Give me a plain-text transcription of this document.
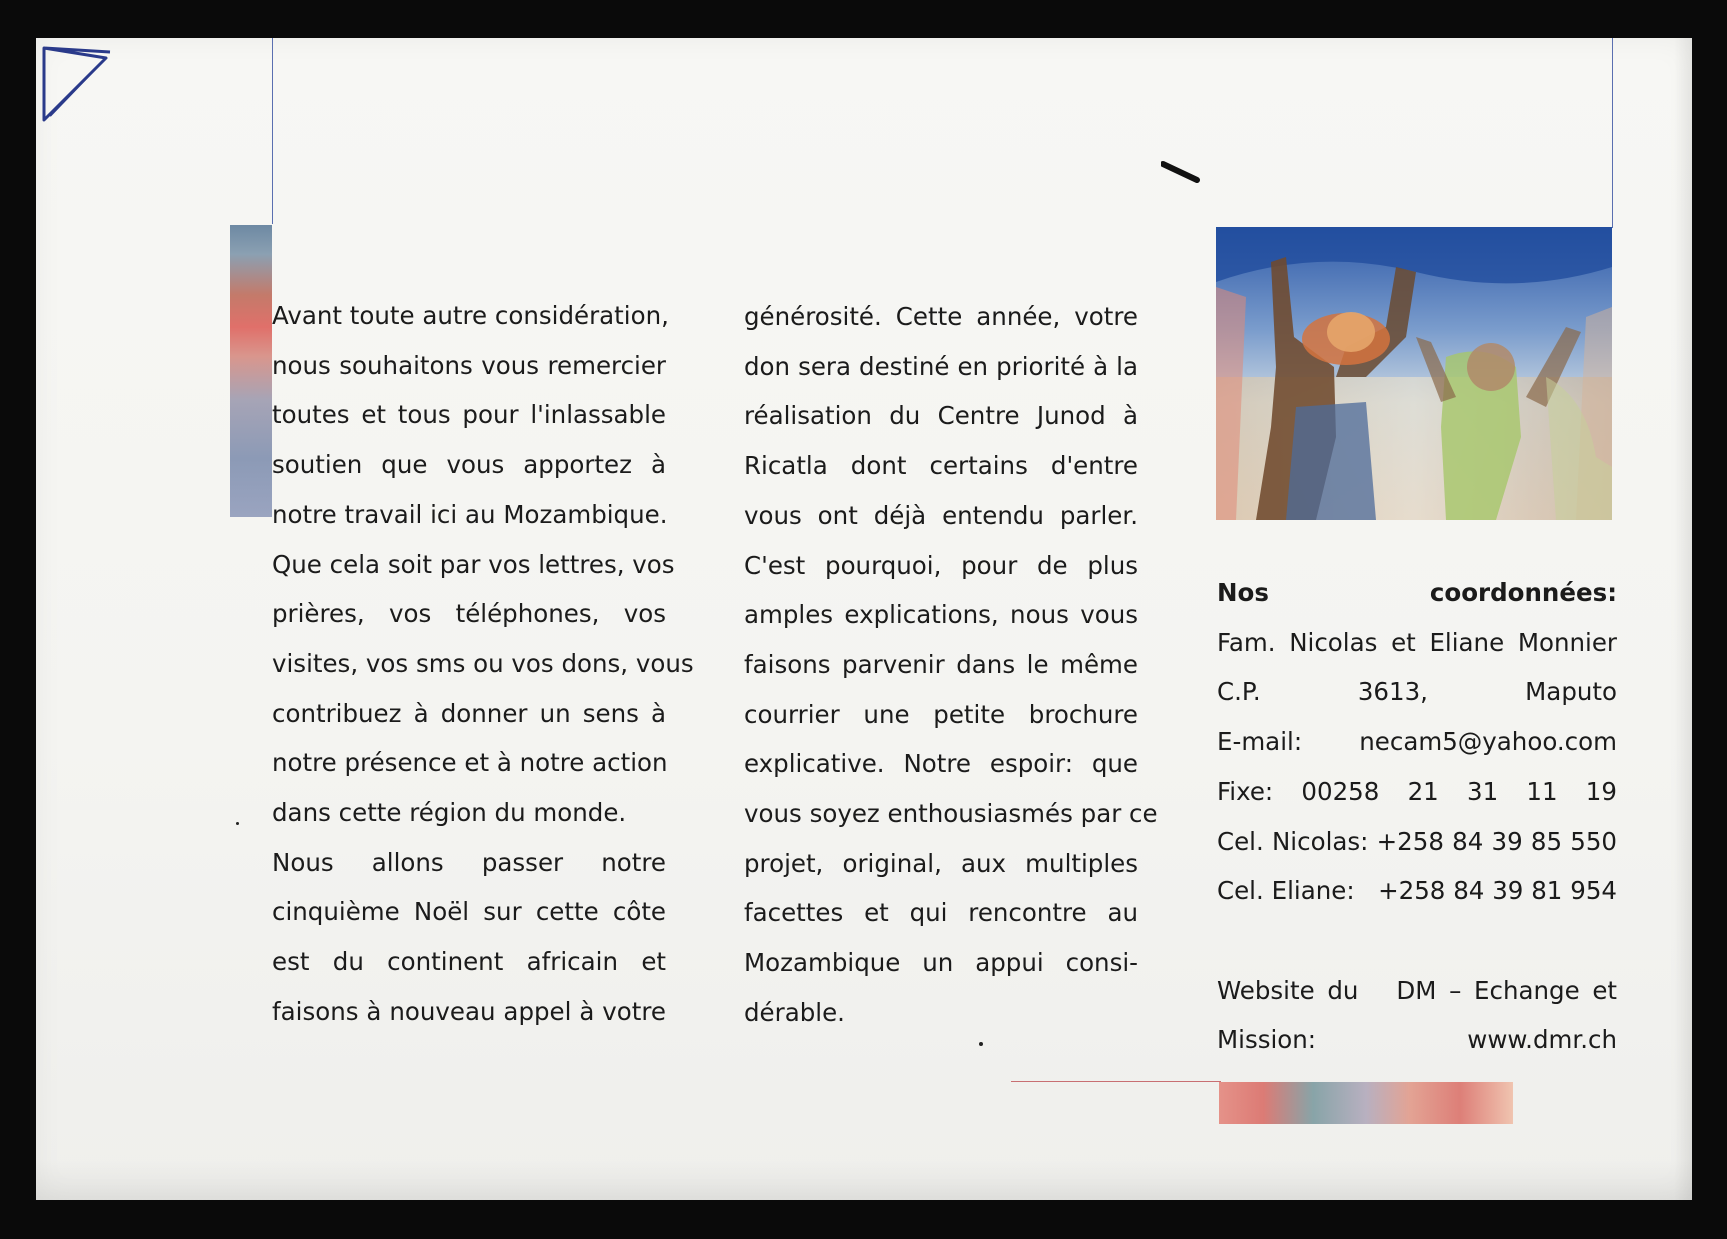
Avant toute autre considération,

nous souhaitons vous remercier

toutes et tous pour l'inlassable

soutien que vous apportez à

notre travail ici au Mozambique.

Que cela soit par vos lettres, vos

prières, vos téléphones, vos

visites, vos sms ou vos dons, vous

contribuez à donner un sens à

notre présence et à notre action

dans cette région du monde.

Nous allons passer notre

cinquième Noël sur cette côte

est du continent africain et

faisons à nouveau appel à votre

générosité. Cette année, votre

don sera destiné en priorité à la

réalisation du Centre Junod à

Ricatla dont certains d'entre

vous ont déjà entendu parler.

C'est pourquoi, pour de plus

amples explications, nous vous

faisons parvenir dans le même

courrier une petite brochure

explicative. Notre espoir: que

vous soyez enthousiasmés par ce

projet, original, aux multiples

facettes et qui rencontre au

Mozambique un appui consi-

dérable.

Nos coordonnées:

Fam. Nicolas et Eliane Monnier

C.P. 3613, Maputo

E-mail: necam5@yahoo.com

Fixe: 00258 21 31 11 19

Cel. Nicolas: +258 84 39 85 550

Cel. Eliane:   +258 84 39 81 954

Website du   DM – Echange et

Mission: www.dmr.ch
